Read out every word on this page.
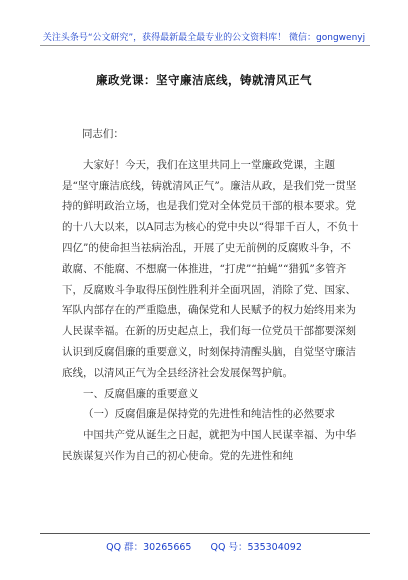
关注头条号“公文研究”，获得最新最全最专业的公文资料库！ 微信：gongwenyj
廉政党课：坚守廉洁底线，铸就清风正气

同志们：

大家好！今天，我们在这里共同上一堂廉政党课，主题是“坚守廉洁底线，铸就清风正气”。廉洁从政，是我们党一贯坚持的鲜明政治立场，也是我们党对全体党员干部的根本要求。党的十八大以来，以A同志为核心的党中央以“得罪千百人，不负十四亿”的使命担当祛病治乱，开展了史无前例的反腐败斗争，不敢腐、不能腐、不想腐一体推进，“打虎”“拍蝇”“猎狐”多管齐下，反腐败斗争取得压倒性胜利并全面巩固，消除了党、国家、军队内部存在的严重隐患，确保党和人民赋予的权力始终用来为人民谋幸福。在新的历史起点上，我们每一位党员干部都要深刻认识到反腐倡廉的重要意义，时刻保持清醒头脑，自觉坚守廉洁底线，以清风正气为全县经济社会发展保驾护航。

一、反腐倡廉的重要意义

（一）反腐倡廉是保持党的先进性和纯洁性的必然要求

中国共产党从诞生之日起，就把为中国人民谋幸福、为中华民族谋复兴作为自己的初心使命。党的先进性和纯

QQ 群：30265665 QQ 号：535304092
